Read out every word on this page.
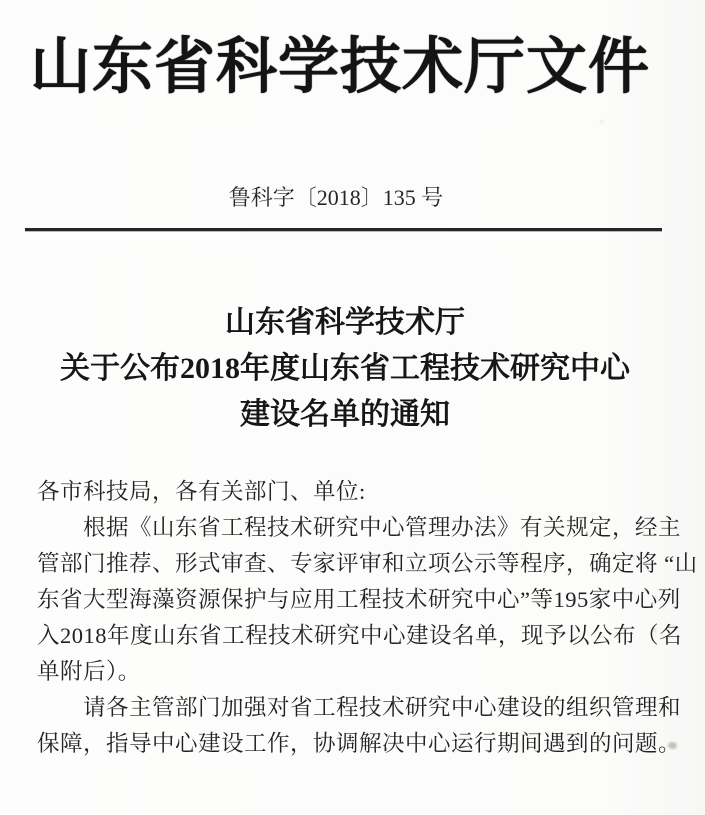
山东省科学技术厅文件
鲁科字〔2018〕135 号
山东省科学技术厅
关于公布2018年度山东省工程技术研究中心
建设名单的通知
各市科技局，各有关部门、单位:
　　根据《山东省工程技术研究中心管理办法》有关规定，经主
管部门推荐、形式审查、专家评审和立项公示等程序，确定将 “山
东省大型海藻资源保护与应用工程技术研究中心”等195家中心列
入2018年度山东省工程技术研究中心建设名单，现予以公布（名
单附后）。
　　请各主管部门加强对省工程技术研究中心建设的组织管理和
保障，指导中心建设工作，协调解决中心运行期间遇到的问题。
